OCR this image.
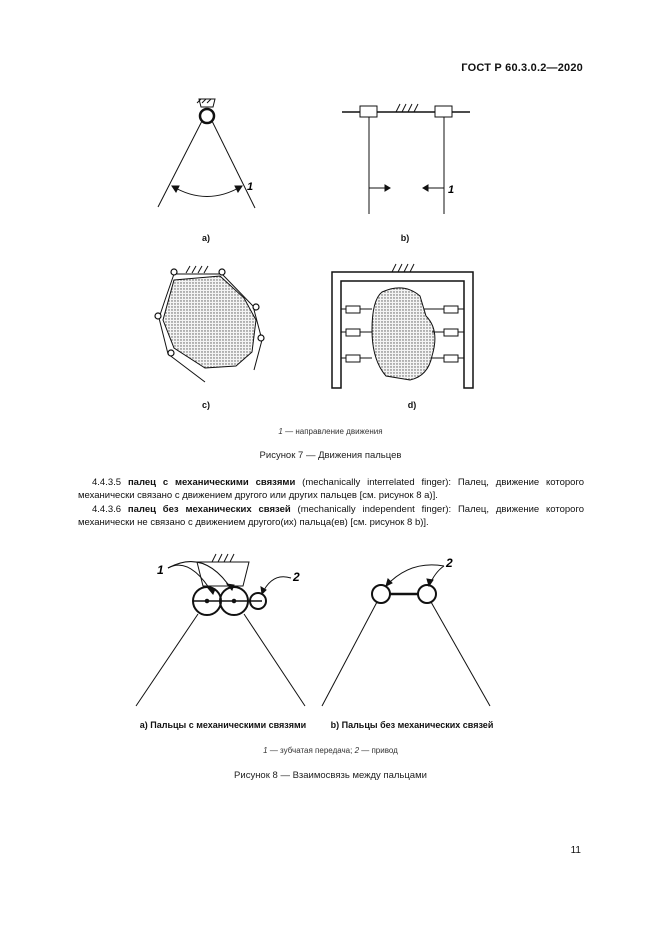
ГОСТ Р 60.3.0.2—2020
1	1
a)	b)
c)	d)
1 — направление движения
Рисунок 7 — Движения пальцев
4.4.3.5 палец с механическими связями (mechanically interrelated finger): Палец, движение которого механически связано с движением другого или других пальцев [см. рисунок 8 a)].
4.4.3.6 палец без механических связей (mechanically independent finger): Палец, движение которого механически не связано с движением другого(их) пальца(ев) [см. рисунок 8 b)].
1	2
2
a) Пальцы с механическими связями	b) Пальцы без механических связей
1 — зубчатая передача; 2 — привод
Рисунок 8 — Взаимосвязь между пальцами
11
